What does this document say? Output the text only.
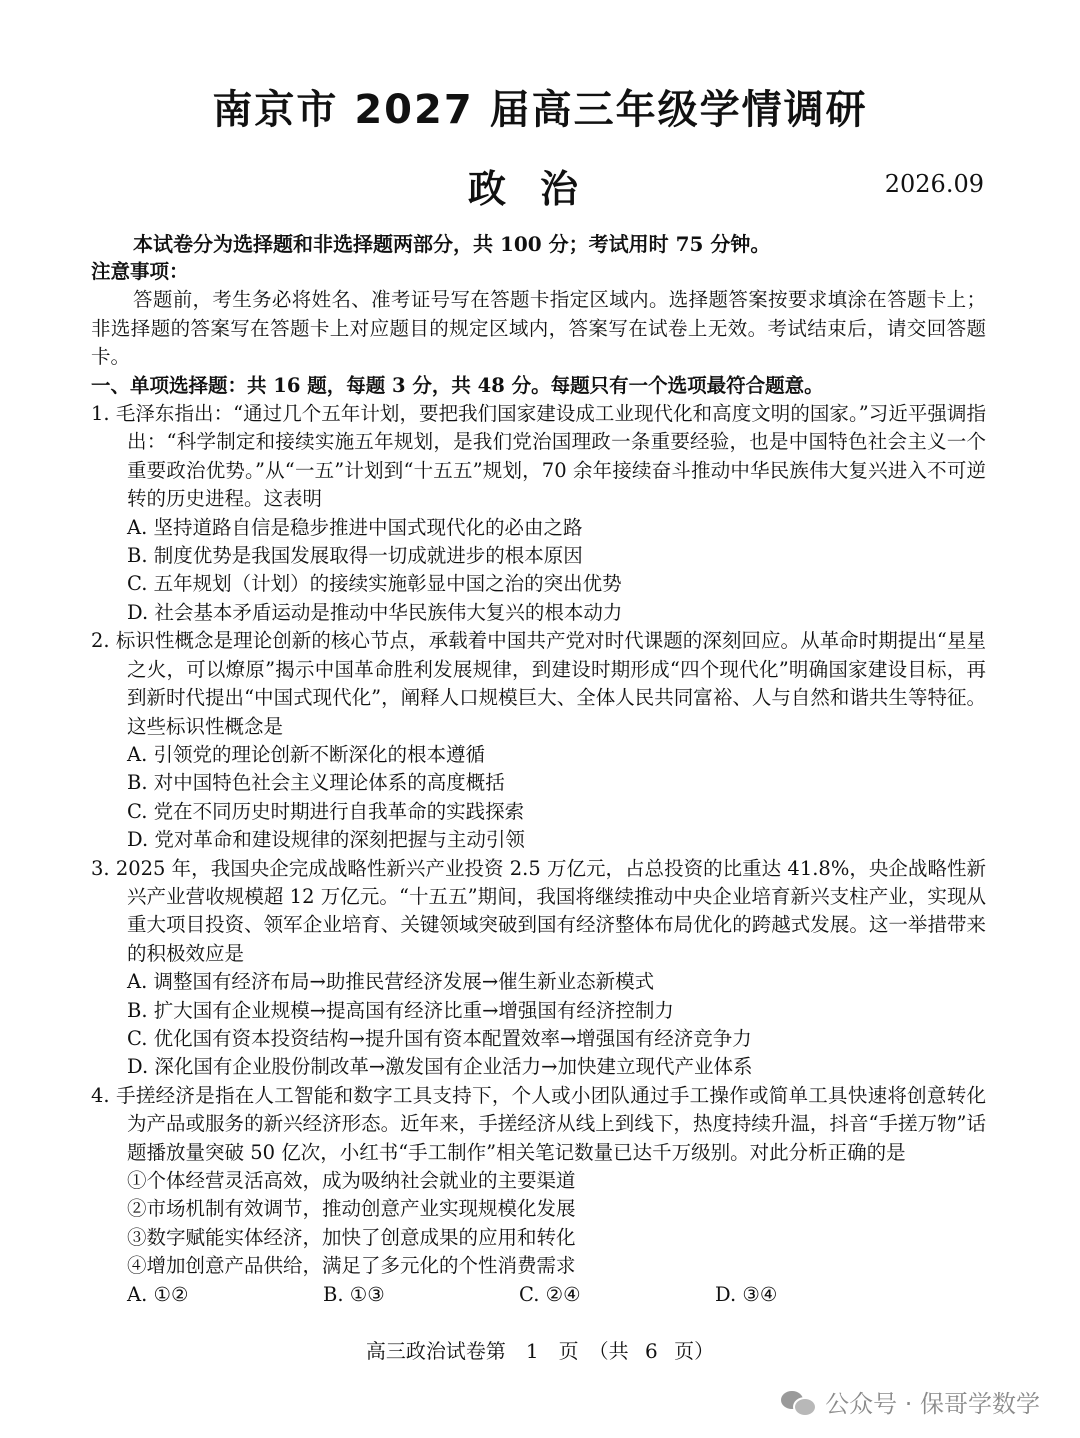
南京市 2027 届高三年级学情调研
政治	2026.09
本试卷分为选择题和非选择题两部分，共 100 分；考试用时 75 分钟。
注意事项：
答题前，考生务必将姓名、准考证号写在答题卡指定区域内。选择题答案按要求填涂在答题卡上；非选择题的答案写在答题卡上对应题目的规定区域内，答案写在试卷上无效。考试结束后，请交回答题卡。
一、单项选择题：共 16 题，每题 3 分，共 48 分。每题只有一个选项最符合题意。
1. 毛泽东指出：“通过几个五年计划，要把我们国家建设成工业现代化和高度文明的国家。”习近平强调指出：“科学制定和接续实施五年规划，是我们党治国理政一条重要经验，也是中国特色社会主义一个重要政治优势。”从“一五”计划到“十五五”规划，70 余年接续奋斗推动中华民族伟大复兴进入不可逆转的历史进程。这表明
A. 坚持道路自信是稳步推进中国式现代化的必由之路
B. 制度优势是我国发展取得一切成就进步的根本原因
C. 五年规划（计划）的接续实施彰显中国之治的突出优势
D. 社会基本矛盾运动是推动中华民族伟大复兴的根本动力
2. 标识性概念是理论创新的核心节点，承载着中国共产党对时代课题的深刻回应。从革命时期提出“星星之火，可以燎原”揭示中国革命胜利发展规律，到建设时期形成“四个现代化”明确国家建设目标，再到新时代提出“中国式现代化”，阐释人口规模巨大、全体人民共同富裕、人与自然和谐共生等特征。这些标识性概念是
A. 引领党的理论创新不断深化的根本遵循
B. 对中国特色社会主义理论体系的高度概括
C. 党在不同历史时期进行自我革命的实践探索
D. 党对革命和建设规律的深刻把握与主动引领
3. 2025 年，我国央企完成战略性新兴产业投资 2.5 万亿元，占总投资的比重达 41.8%，央企战略性新兴产业营收规模超 12 万亿元。“十五五”期间，我国将继续推动中央企业培育新兴支柱产业，实现从重大项目投资、领军企业培育、关键领域突破到国有经济整体布局优化的跨越式发展。这一举措带来的积极效应是
A. 调整国有经济布局→助推民营经济发展→催生新业态新模式
B. 扩大国有企业规模→提高国有经济比重→增强国有经济控制力
C. 优化国有资本投资结构→提升国有资本配置效率→增强国有经济竞争力
D. 深化国有企业股份制改革→激发国有企业活力→加快建立现代产业体系
4. 手搓经济是指在人工智能和数字工具支持下，个人或小团队通过手工操作或简单工具快速将创意转化为产品或服务的新兴经济形态。近年来，手搓经济从线上到线下，热度持续升温，抖音“手搓万物”话题播放量突破 50 亿次，小红书“手工制作”相关笔记数量已达千万级别。对此分析正确的是
①个体经营灵活高效，成为吸纳社会就业的主要渠道
②市场机制有效调节，推动创意产业实现规模化发展
③数字赋能实体经济，加快了创意成果的应用和转化
④增加创意产品供给，满足了多元化的个性消费需求
A. ①②	B. ①③	C. ②④	D. ③④
高三政治试卷第　1　页　（共 6 页）
公众号 · 保哥学数学
